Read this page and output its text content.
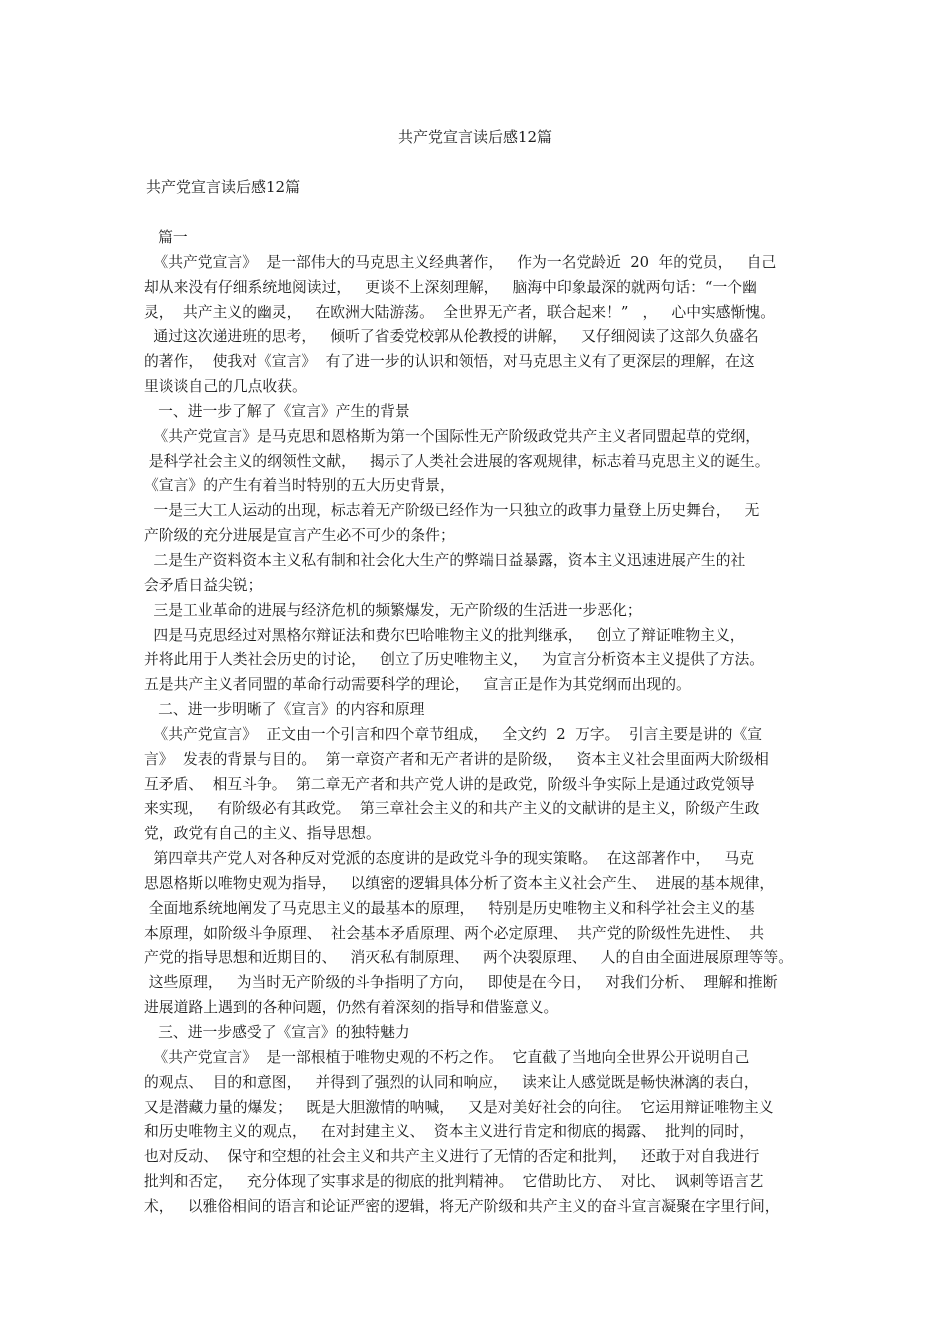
共产党宣言读后感12篇
共产党宣言读后感12篇
篇一
《共产党宣言》  是一部伟大的马克思主义经典著作，   作为一名党龄近  20  年的党员，   自己
却从来没有仔细系统地阅读过，   更谈不上深刻理解，   脑海中印象最深的就两句话：“一个幽
灵，  共产主义的幽灵，   在欧洲大陆游荡。  全世界无产者，联合起来！”   ，   心中实感惭愧。
通过这次递进班的思考，   倾听了省委党校郭从伦教授的讲解，   又仔细阅读了这部久负盛名
的著作，  使我对《宣言》  有了进一步的认识和领悟，对马克思主义有了更深层的理解，在这
里谈谈自己的几点收获。
一、进一步了解了《宣言》产生的背景
《共产党宣言》是马克思和恩格斯为第一个国际性无产阶级政党共产主义者同盟起草的党纲，
是科学社会主义的纲领性文献，   揭示了人类社会进展的客观规律，标志着马克思主义的诞生。
《宣言》的产生有着当时特别的五大历史背景，
一是三大工人运动的出现，标志着无产阶级已经作为一只独立的政事力量登上历史舞台，   无
产阶级的充分进展是宣言产生必不可少的条件；
二是生产资料资本主义私有制和社会化大生产的弊端日益暴露，资本主义迅速进展产生的社
会矛盾日益尖锐；
三是工业革命的进展与经济危机的频繁爆发，无产阶级的生活进一步恶化；
四是马克思经过对黑格尔辩证法和费尔巴哈唯物主义的批判继承，   创立了辩证唯物主义，
并将此用于人类社会历史的讨论，   创立了历史唯物主义，   为宣言分析资本主义提供了方法。
五是共产主义者同盟的革命行动需要科学的理论，   宣言正是作为其党纲而出现的。
二、进一步明晰了《宣言》的内容和原理
《共产党宣言》  正文由一个引言和四个章节组成，   全文约  2  万字。  引言主要是讲的《宣
言》  发表的背景与目的。  第一章资产者和无产者讲的是阶级，   资本主义社会里面两大阶级相
互矛盾、  相互斗争。  第二章无产者和共产党人讲的是政党，阶级斗争实际上是通过政党领导
来实现，   有阶级必有其政党。  第三章社会主义的和共产主义的文献讲的是主义，阶级产生政
党，政党有自己的主义、指导思想。
第四章共产党人对各种反对党派的态度讲的是政党斗争的现实策略。  在这部著作中，   马克
思恩格斯以唯物史观为指导，   以缜密的逻辑具体分析了资本主义社会产生、  进展的基本规律，
全面地系统地阐发了马克思主义的最基本的原理，   特别是历史唯物主义和科学社会主义的基
本原理，如阶级斗争原理、  社会基本矛盾原理、两个必定原理、  共产党的阶级性先进性、  共
产党的指导思想和近期目的、   消灭私有制原理、   两个决裂原理、   人的自由全面进展原理等等。
这些原理，   为当时无产阶级的斗争指明了方向，   即使是在今日，   对我们分析、  理解和推断
进展道路上遇到的各种问题，仍然有着深刻的指导和借鉴意义。
三、进一步感受了《宣言》的独特魅力
《共产党宣言》  是一部根植于唯物史观的不朽之作。  它直截了当地向全世界公开说明自己
的观点、  目的和意图，   并得到了强烈的认同和响应，   读来让人感觉既是畅快淋漓的表白，
又是潜藏力量的爆发；   既是大胆激情的呐喊，   又是对美好社会的向往。  它运用辩证唯物主义
和历史唯物主义的观点，   在对封建主义、  资本主义进行肯定和彻底的揭露、  批判的同时，
也对反动、  保守和空想的社会主义和共产主义进行了无情的否定和批判，   还敢于对自我进行
批判和否定，   充分体现了实事求是的彻底的批判精神。  它借助比方、  对比、  讽刺等语言艺
术，   以雅俗相间的语言和论证严密的逻辑，将无产阶级和共产主义的奋斗宣言凝聚在字里行间，
